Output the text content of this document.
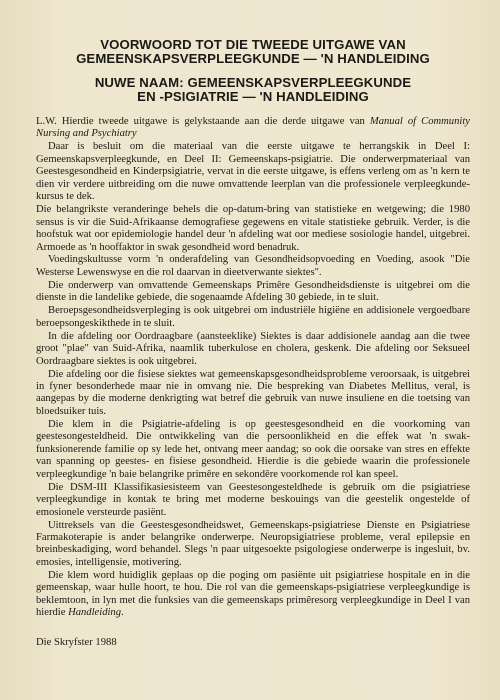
VOORWOORD TOT DIE TWEEDE UITGAWE VAN
GEMEENSKAPSVERPLEEGKUNDE — 'N HANDLEIDING
NUWE NAAM: GEMEENSKAPSVERPLEEGKUNDE
EN -PSIGIATRIE — 'N HANDLEIDING

L.W. Hierdie tweede uitgawe is gelykstaande aan die derde uitgawe van Manual of Community Nursing and Psychiatry

Daar is besluit om die materiaal van die eerste uitgawe te herrangskik in Deel I: Gemeenskapsverpleegkunde, en Deel II: Gemeenskaps-psigiatrie. Die onderwerpmateriaal van Geestesgesondheid en Kinderpsigiatrie, vervat in die eerste uitgawe, is effens verleng om as 'n kern te dien vir verdere uitbreiding om die nuwe omvattende leerplan van die professionele verpleegkunde-kursus te dek.

Die belangrikste veranderinge behels die op-datum-bring van statistieke en wetgewing; die 1980 sensus is vir die Suid-Afrikaanse demografiese gegewens en vitale statistieke gebruik. Verder, is die hoofstuk wat oor epidemiologie handel deur 'n afdeling wat oor mediese sosiologie handel, uitgebrei. Armoede as 'n hooffaktor in swak gesondheid word benadruk.

Voedingskultusse vorm 'n onderafdeling van Gesondheidsopvoeding en Voeding, asook "Die Westerse Lewenswyse en die rol daarvan in dieetverwante siektes".

Die onderwerp van omvattende Gemeenskaps Primêre Gesondheidsdienste is uitgebrei om die dienste in die landelike gebiede, die sogenaamde Afdeling 30 gebiede, in te sluit.

Beroepsgesondheidsverpleging is ook uitgebrei om industriële higiëne en addisionele vergoedbare beroepsongeskikthede in te sluit.

In die afdeling oor Oordraagbare (aansteeklike) Siektes is daar addisionele aandag aan die twee groot "plae" van Suid-Afrika, naamlik tuberkulose en cholera, geskenk. Die afdeling oor Seksueel Oordraagbare siektes is ook uitgebrei.

Die afdeling oor die fisiese siektes wat gemeenskapsgesondheidsprobleme veroorsaak, is uitgebrei in fyner besonderhede maar nie in omvang nie. Die bespreking van Diabetes Mellitus, veral, is aangepas by die moderne denkrigting wat betref die gebruik van nuwe insuliene en die toetsing van bloedsuiker tuis.

Die klem in die Psigiatrie-afdeling is op geestesgesondheid en die voorkoming van geestesongesteldheid. Die ontwikkeling van die persoonlikheid en die effek wat 'n swak-funksionerende familie op sy lede het, ontvang meer aandag; so ook die oorsake van stres en effekte van spanning op geestes- en fisiese gesondheid. Hierdie is die gebiede waarin die professionele verpleegkundige 'n baie belangrike primêre en sekondêre voorkomende rol kan speel.

Die DSM-III Klassifikasiesisteem van Geestesongesteldhede is gebruik om die psigiatriese verpleegkundige in kontak te bring met moderne beskouings van die geestelik ongestelde of emosionele versteurde pasiënt.

Uittreksels van die Geestesgesondheidswet, Gemeenskaps-psigiatriese Dienste en Psigiatriese Farmakoterapie is ander belangrike onderwerpe. Neuropsigiatriese probleme, veral epilepsie en breinbeskadiging, word behandel. Slegs 'n paar uitgesoekte psigologiese onderwerpe is ingesluit, bv. emosies, intelligensie, motivering.

Die klem word huidiglik geplaas op die poging om pasiënte uit psigiatriese hospitale en in die gemeenskap, waar hulle hoort, te hou. Die rol van die gemeenskaps-psigiatriese verpleegkundige is beklemtoon, in lyn met die funksies van die gemeenskaps primêresorg verpleegkundige in Deel I van hierdie Handleiding.

Die Skryfster 1988
